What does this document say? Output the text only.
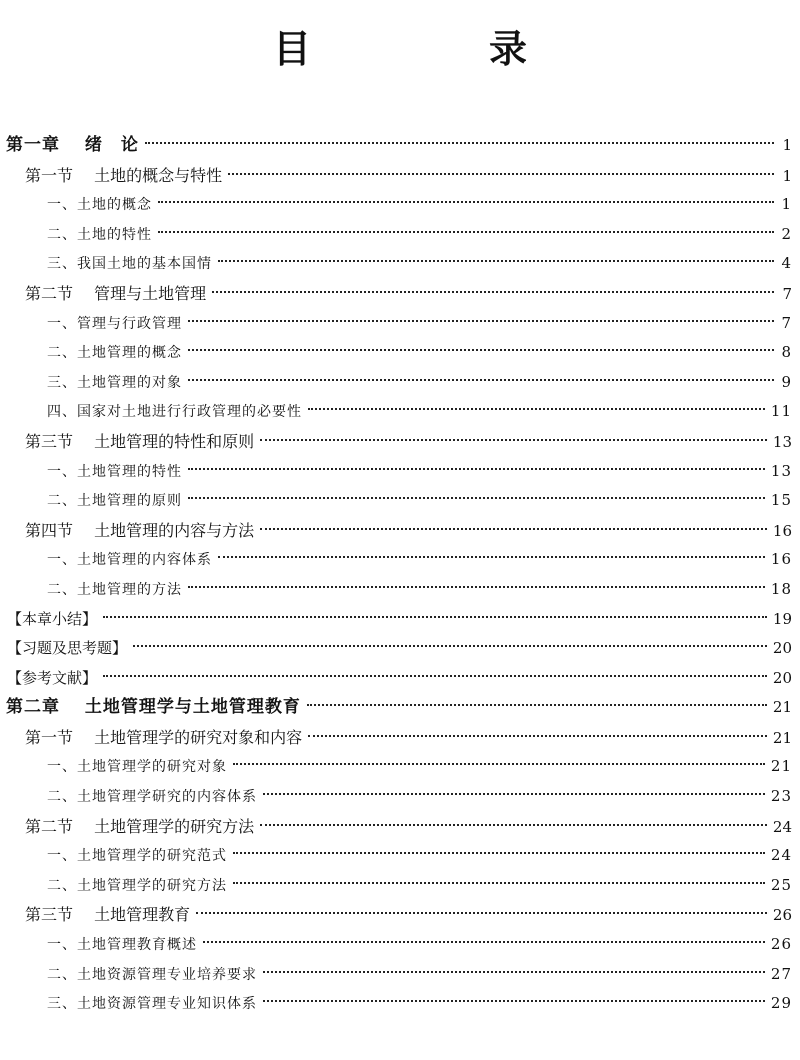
目　录
第一章　 绪　论	1
第一节　 土地的概念与特性	1
一、土地的概念	1
二、土地的特性	2
三、我国土地的基本国情	4
第二节　 管理与土地管理	7
一、管理与行政管理	7
二、土地管理的概念	8
三、土地管理的对象	9
四、国家对土地进行行政管理的必要性	11
第三节　 土地管理的特性和原则	13
一、土地管理的特性	13
二、土地管理的原则	15
第四节　 土地管理的内容与方法	16
一、土地管理的内容体系	16
二、土地管理的方法	18
【本章小结】	19
【习题及思考题】	20
【参考文献】	20
第二章　 土地管理学与土地管理教育	21
第一节　 土地管理学的研究对象和内容	21
一、土地管理学的研究对象	21
二、土地管理学研究的内容体系	23
第二节　 土地管理学的研究方法	24
一、土地管理学的研究范式	24
二、土地管理学的研究方法	25
第三节　 土地管理教育	26
一、土地管理教育概述	26
二、土地资源管理专业培养要求	27
三、土地资源管理专业知识体系	29
